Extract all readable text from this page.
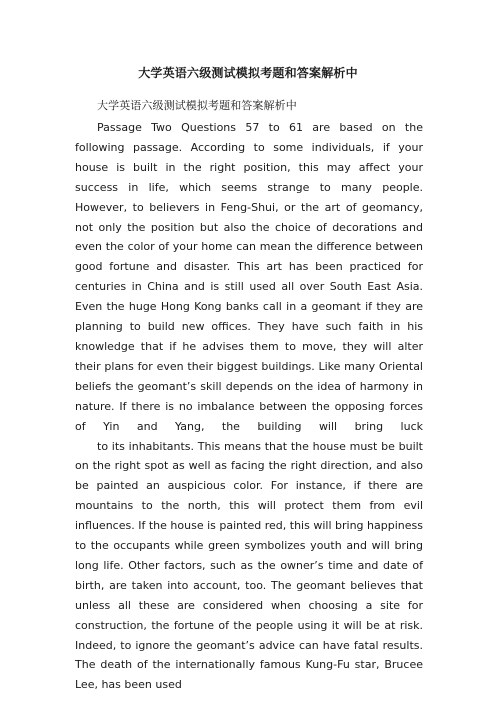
大学英语六级测试模拟考题和答案解析中
大学英语六级测试模拟考题和答案解析中

Passage Two Questions 57 to 61 are based on the following passage. According to some individuals, if your house is built in the right position, this may affect your success in life, which seems strange to many people. However, to believers in Feng-Shui, or the art of geomancy, not only the position but also the choice of decorations and even the color of your home can mean the difference between good fortune and disaster. This art has been practiced for centuries in China and is still used all over South East Asia. Even the huge Hong Kong banks call in a geomant if they are planning to build new offices. They have such faith in his knowledge that if he advises them to move, they will alter their plans for even their biggest buildings. Like many Oriental beliefs the geomant’s skill depends on the idea of harmony in nature. If there is no imbalance between the opposing forces of Yin and Yang, the building will bring luck

to its inhabitants. This means that the house must be built on the right spot as well as facing the right direction, and also be painted an auspicious color. For instance, if there are mountains to the north, this will protect them from evil influences. If the house is painted red, this will bring happiness to the occupants while green symbolizes youth and will bring long life. Other factors, such as the owner’s time and date of birth, are taken into account, too. The geomant believes that unless all these are considered when choosing a site for construction, the fortune of the people using it will be at risk. Indeed, to ignore the geomant’s advice can have fatal results. The death of the internationally famous Kung-Fu star, Brucee Lee, has been used
